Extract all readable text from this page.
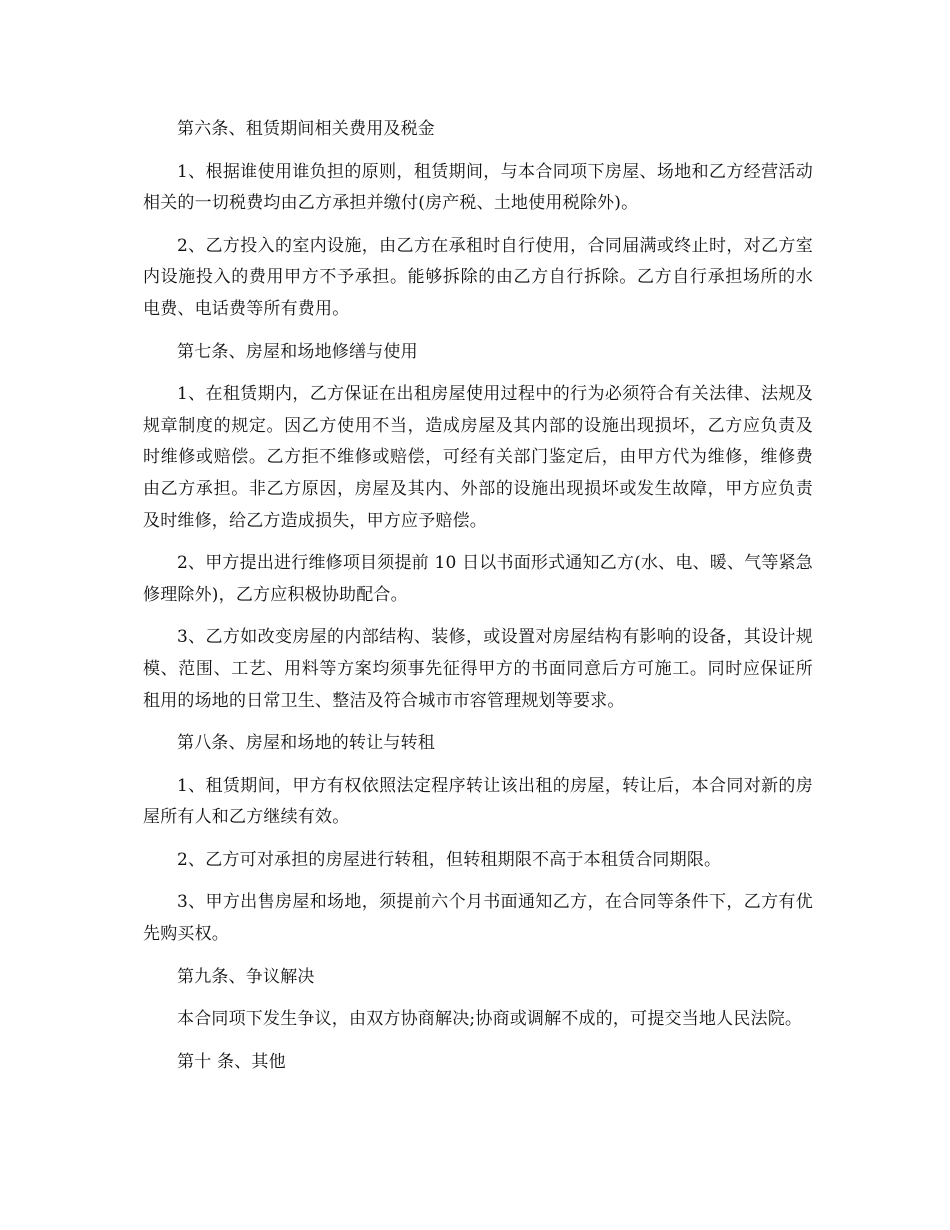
第六条、租赁期间相关费用及税金

1、根据谁使用谁负担的原则，租赁期间，与本合同项下房屋、场地和乙方经营活动相关的一切税费均由乙方承担并缴付(房产税、土地使用税除外)。

2、乙方投入的室内设施，由乙方在承租时自行使用，合同届满或终止时，对乙方室内设施投入的费用甲方不予承担。能够拆除的由乙方自行拆除。乙方自行承担场所的水电费、电话费等所有费用。

第七条、房屋和场地修缮与使用

1、在租赁期内，乙方保证在出租房屋使用过程中的行为必须符合有关法律、法规及规章制度的规定。因乙方使用不当，造成房屋及其内部的设施出现损坏，乙方应负责及时维修或赔偿。乙方拒不维修或赔偿，可经有关部门鉴定后，由甲方代为维修，维修费由乙方承担。非乙方原因，房屋及其内、外部的设施出现损坏或发生故障，甲方应负责及时维修，给乙方造成损失，甲方应予赔偿。

2、甲方提出进行维修项目须提前 10 日以书面形式通知乙方(水、电、暖、气等紧急修理除外)，乙方应积极协助配合。

3、乙方如改变房屋的内部结构、装修，或设置对房屋结构有影响的设备，其设计规模、范围、工艺、用料等方案均须事先征得甲方的书面同意后方可施工。同时应保证所租用的场地的日常卫生、整洁及符合城市市容管理规划等要求。

第八条、房屋和场地的转让与转租

1、租赁期间，甲方有权依照法定程序转让该出租的房屋，转让后，本合同对新的房屋所有人和乙方继续有效。

2、乙方可对承担的房屋进行转租，但转租期限不高于本租赁合同期限。

3、甲方出售房屋和场地，须提前六个月书面通知乙方，在合同等条件下，乙方有优先购买权。

第九条、争议解决

本合同项下发生争议，由双方协商解决;协商或调解不成的，可提交当地人民法院。

第十 条、其他
